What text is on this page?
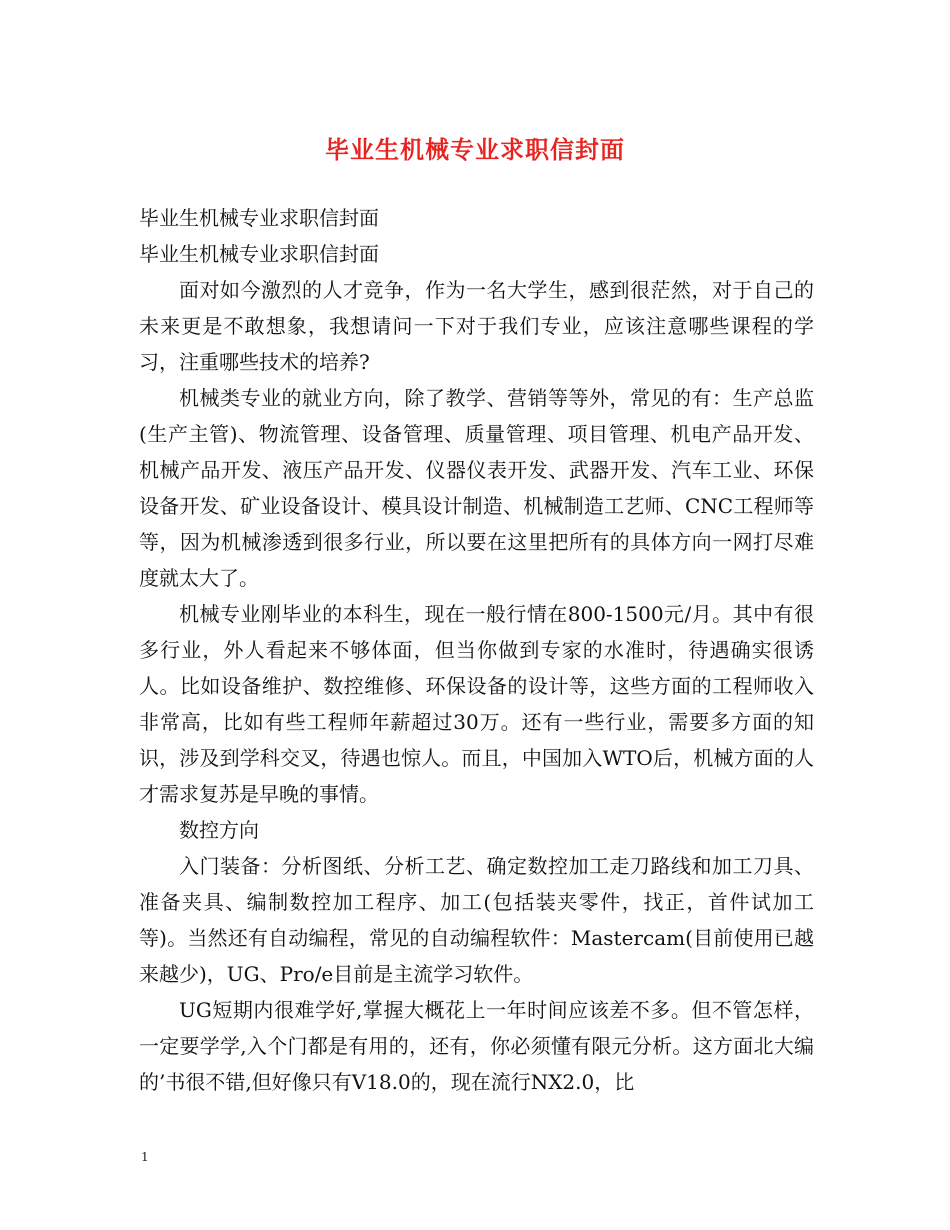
毕业生机械专业求职信封面

毕业生机械专业求职信封面

毕业生机械专业求职信封面

面对如今激烈的人才竞争，作为一名大学生，感到很茫然，对于自己的未来更是不敢想象，我想请问一下对于我们专业，应该注意哪些课程的学习，注重哪些技术的培养?

机械类专业的就业方向，除了教学、营销等等外，常见的有：生产总监(生产主管)、物流管理、设备管理、质量管理、项目管理、机电产品开发、机械产品开发、液压产品开发、仪器仪表开发、武器开发、汽车工业、环保设备开发、矿业设备设计、模具设计制造、机械制造工艺师、CNC工程师等等，因为机械渗透到很多行业，所以要在这里把所有的具体方向一网打尽难度就太大了。

机械专业刚毕业的本科生，现在一般行情在800-1500元/月。其中有很多行业，外人看起来不够体面，但当你做到专家的水准时，待遇确实很诱人。比如设备维护、数控维修、环保设备的设计等，这些方面的工程师收入非常高，比如有些工程师年薪超过30万。还有一些行业，需要多方面的知识，涉及到学科交叉，待遇也惊人。而且，中国加入WTO后，机械方面的人才需求复苏是早晚的事情。

数控方向

入门装备：分析图纸、分析工艺、确定数控加工走刀路线和加工刀具、准备夹具、编制数控加工程序、加工(包括装夹零件，找正，首件试加工等)。当然还有自动编程，常见的自动编程软件：Mastercam(目前使用已越来越少)，UG、Pro/e目前是主流学习软件。

UG短期内很难学好,掌握大概花上一年时间应该差不多。但不管怎样，一定要学学,入个门都是有用的，还有，你必须懂有限元分析。这方面北大编的’书很不错,但好像只有V18.0的，现在流行NX2.0，比

1
